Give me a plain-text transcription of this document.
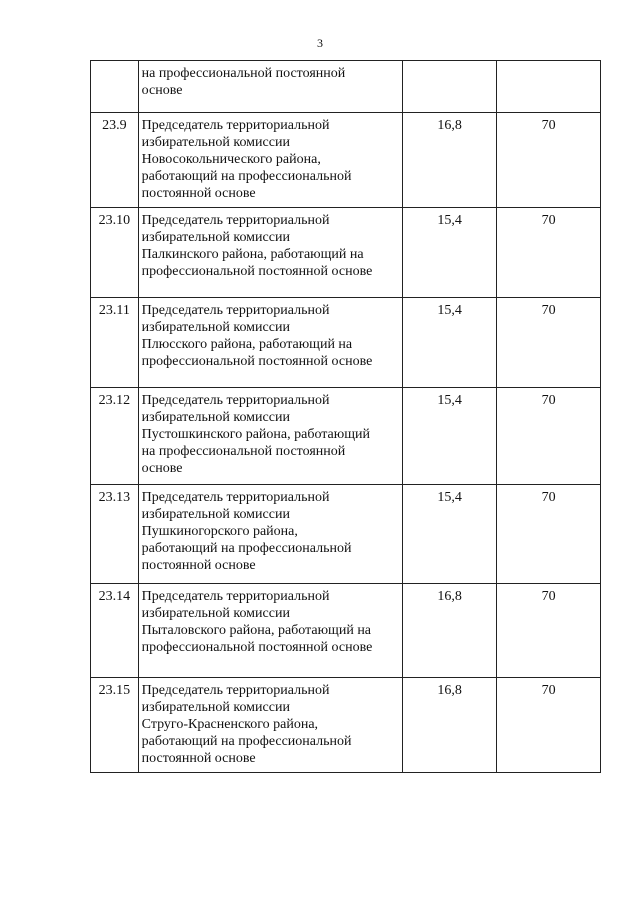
3

	на профессиональной постоянной
основе		

23.9	Председатель территориальной
избирательной комиссии
Новосокольнического района,
работающий на профессиональной
постоянной основе	16,8	70
23.10	Председатель территориальной
избирательной комиссии
Палкинского района, работающий на
профессиональной постоянной основе	15,4	70
23.11	Председатель территориальной
избирательной комиссии
Плюсского района, работающий на
профессиональной постоянной основе	15,4	70
23.12	Председатель территориальной
избирательной комиссии
Пустошкинского района, работающий
на профессиональной постоянной
основе	15,4	70
23.13	Председатель территориальной
избирательной комиссии
Пушкиногорского района,
работающий на профессиональной
постоянной основе	15,4	70
23.14	Председатель территориальной
избирательной комиссии
Пыталовского района, работающий на
профессиональной постоянной основе	16,8	70
23.15	Председатель территориальной
избирательной комиссии
Струго-Красненского района,
работающий на профессиональной
постоянной основе	16,8	70
